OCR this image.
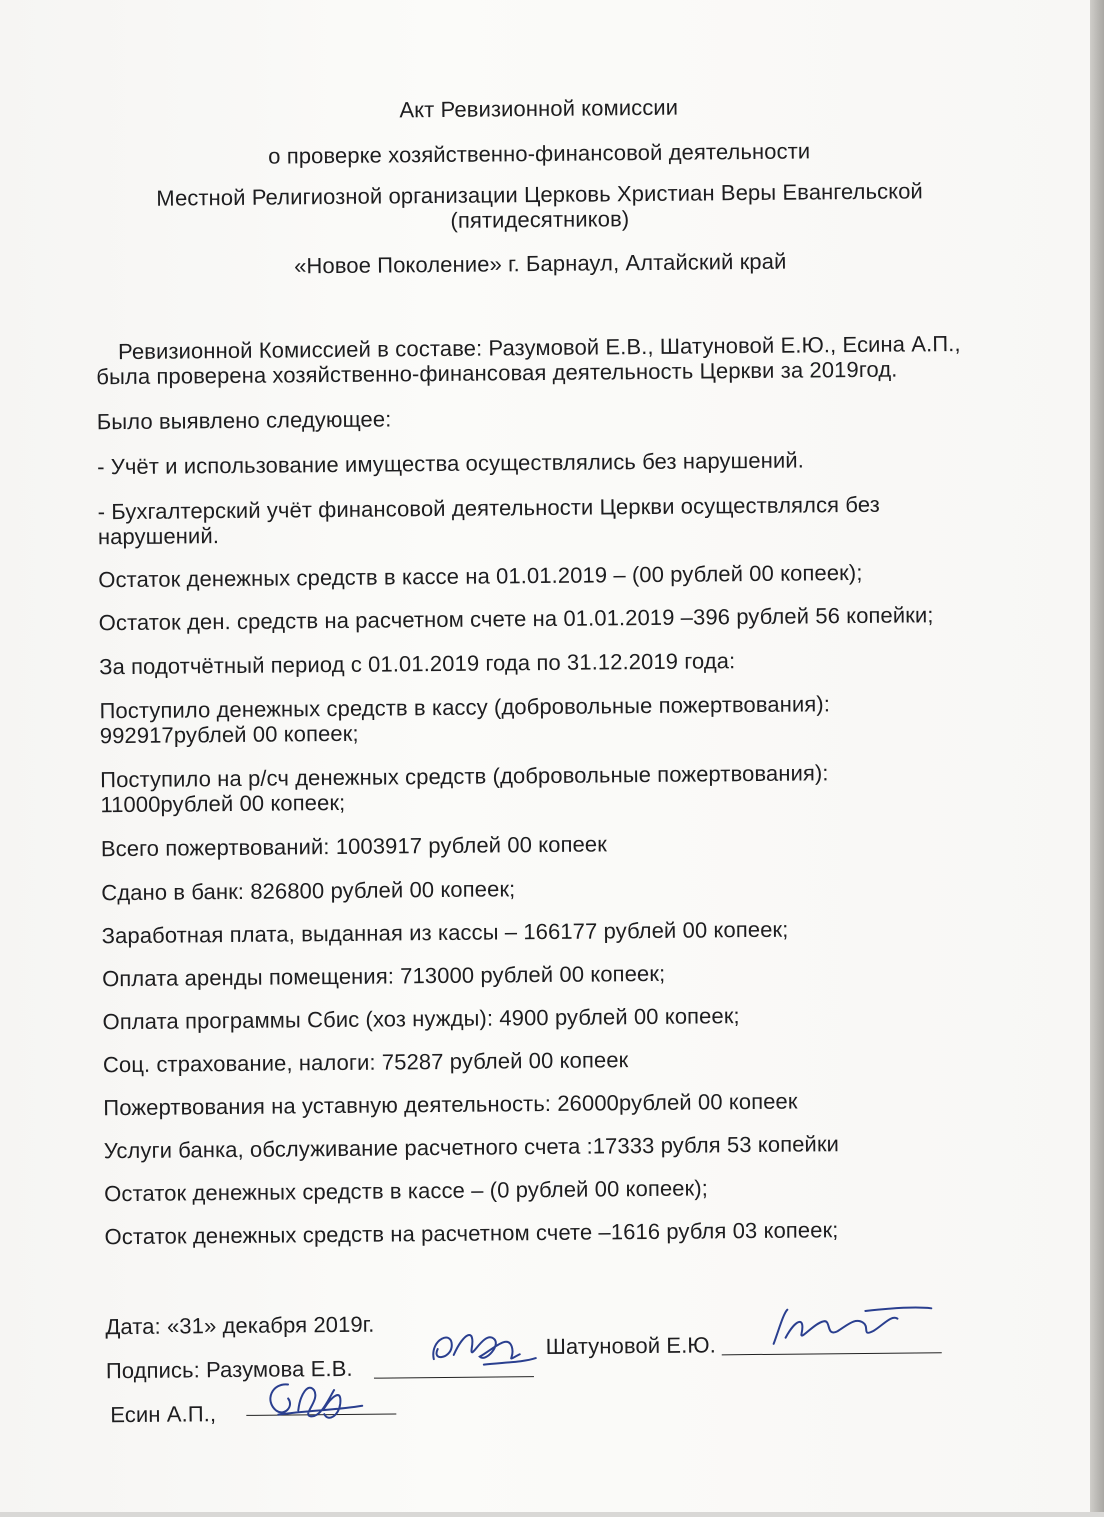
Акт Ревизионной комиссии
о проверке хозяйственно-финансовой деятельности
Местной Религиозной организации Церковь Христиан Веры Евангельской
(пятидесятников)
«Новое Поколение» г. Барнаул, Алтайский край
Ревизионной Комиссией в составе: Разумовой Е.В., Шатуновой Е.Ю., Есина А.П.,
была проверена хозяйственно-финансовая деятельность Церкви за 2019год.
Было выявлено следующее:
- Учёт и использование имущества осуществлялись без нарушений.
- Бухгалтерский учёт финансовой деятельности Церкви осуществлялся без
нарушений.
Остаток денежных средств в кассе на 01.01.2019 – (00 рублей 00 копеек);
Остаток ден. средств на расчетном счете на 01.01.2019 –396 рублей 56 копейки;
За подотчётный период с 01.01.2019 года по 31.12.2019 года:
Поступило денежных средств в кассу (добровольные пожертвования):
992917рублей 00 копеек;
Поступило на р/сч денежных средств (добровольные пожертвования):
11000рублей 00 копеек;
Всего пожертвований: 1003917 рублей 00 копеек
Сдано в банк: 826800 рублей 00 копеек;
Заработная плата, выданная из кассы – 166177 рублей 00 копеек;
Оплата аренды помещения: 713000 рублей 00 копеек;
Оплата программы Сбис (хоз нужды): 4900 рублей 00 копеек;
Соц. страхование, налоги: 75287 рублей 00 копеек
Пожертвования на уставную деятельность: 26000рублей 00 копеек
Услуги банка, обслуживание расчетного счета :17333 рубля 53 копейки
Остаток денежных средств в кассе – (0 рублей 00 копеек);
Остаток денежных средств на расчетном счете –1616 рубля 03 копеек;
Дата: «31» декабря 2019г.
Подпись: Разумова Е.В.
Шатуновой Е.Ю.
Есин А.П.,
